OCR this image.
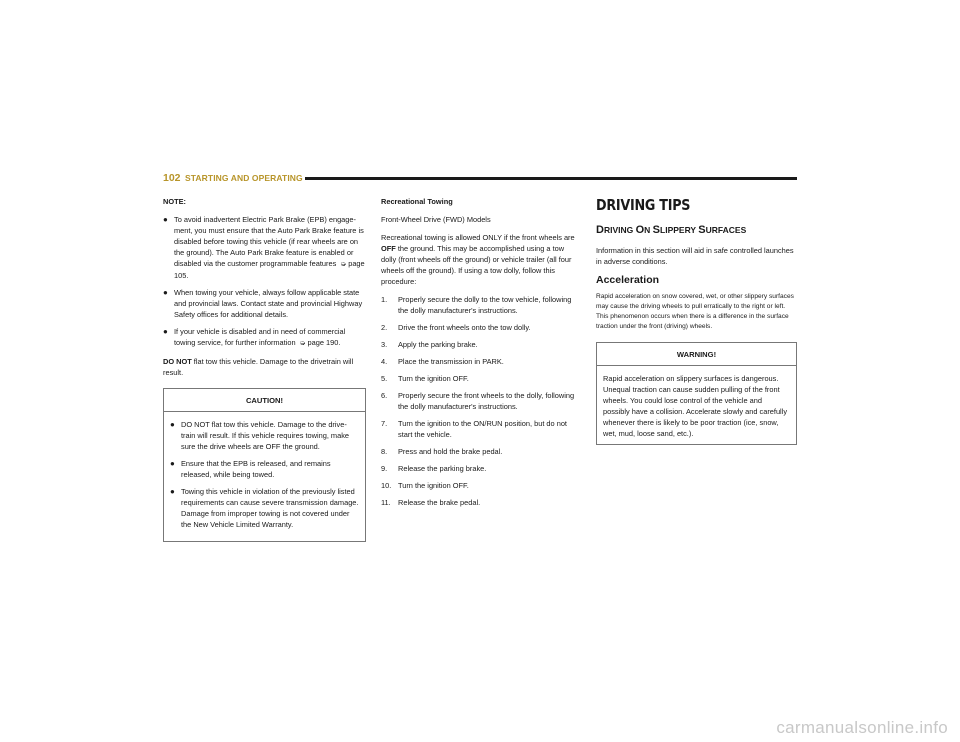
102 STARTING AND OPERATING
NOTE:
● To avoid inadvertent Electric Park Brake (EPB) engage-ment, you must ensure that the Auto Park Brake feature is disabled before towing this vehicle (if rear wheels are on the ground). The Auto Park Brake feature is enabled or disabled via the customer programmable features ➭ page 105.
● When towing your vehicle, always follow applicable state and provincial laws. Contact state and provincial Highway Safety offices for additional details.
● If your vehicle is disabled and in need of commercial towing service, for further information ➭ page 190.

DO NOT flat tow this vehicle. Damage to the drivetrain will result.

CAUTION!
● DO NOT flat tow this vehicle. Damage to the drive-train will result. If this vehicle requires towing, make sure the drive wheels are OFF the ground.
● Ensure that the EPB is released, and remains released, while being towed.
● Towing this vehicle in violation of the previously listed requirements can cause severe transmission damage. Damage from improper towing is not covered under the New Vehicle Limited Warranty.

Recreational Towing

Front-Wheel Drive (FWD) Models

Recreational towing is allowed ONLY if the front wheels are OFF the ground. This may be accomplished using a tow dolly (front wheels off the ground) or vehicle trailer (all four wheels off the ground). If using a tow dolly, follow this procedure:

1. Properly secure the dolly to the tow vehicle, following the dolly manufacturer's instructions.
2. Drive the front wheels onto the tow dolly.
3. Apply the parking brake.
4. Place the transmission in PARK.
5. Turn the ignition OFF.
6. Properly secure the front wheels to the dolly, following the dolly manufacturer's instructions.
7. Turn the ignition to the ON/RUN position, but do not start the vehicle.
8. Press and hold the brake pedal.
9. Release the parking brake.
10. Turn the ignition OFF.
11. Release the brake pedal.
DRIVING TIPS
DRIVING ON SLIPPERY SURFACES

Information in this section will aid in safe controlled launches in adverse conditions.

Acceleration

Rapid acceleration on snow covered, wet, or other slippery surfaces may cause the driving wheels to pull erratically to the right or left. This phenomenon occurs when there is a difference in the surface traction under the front (driving) wheels.

WARNING!
Rapid acceleration on slippery surfaces is dangerous. Unequal traction can cause sudden pulling of the front wheels. You could lose control of the vehicle and possibly have a collision. Accelerate slowly and carefully whenever there is likely to be poor traction (ice, snow, wet, mud, loose sand, etc.).
carmanualsonline.info
